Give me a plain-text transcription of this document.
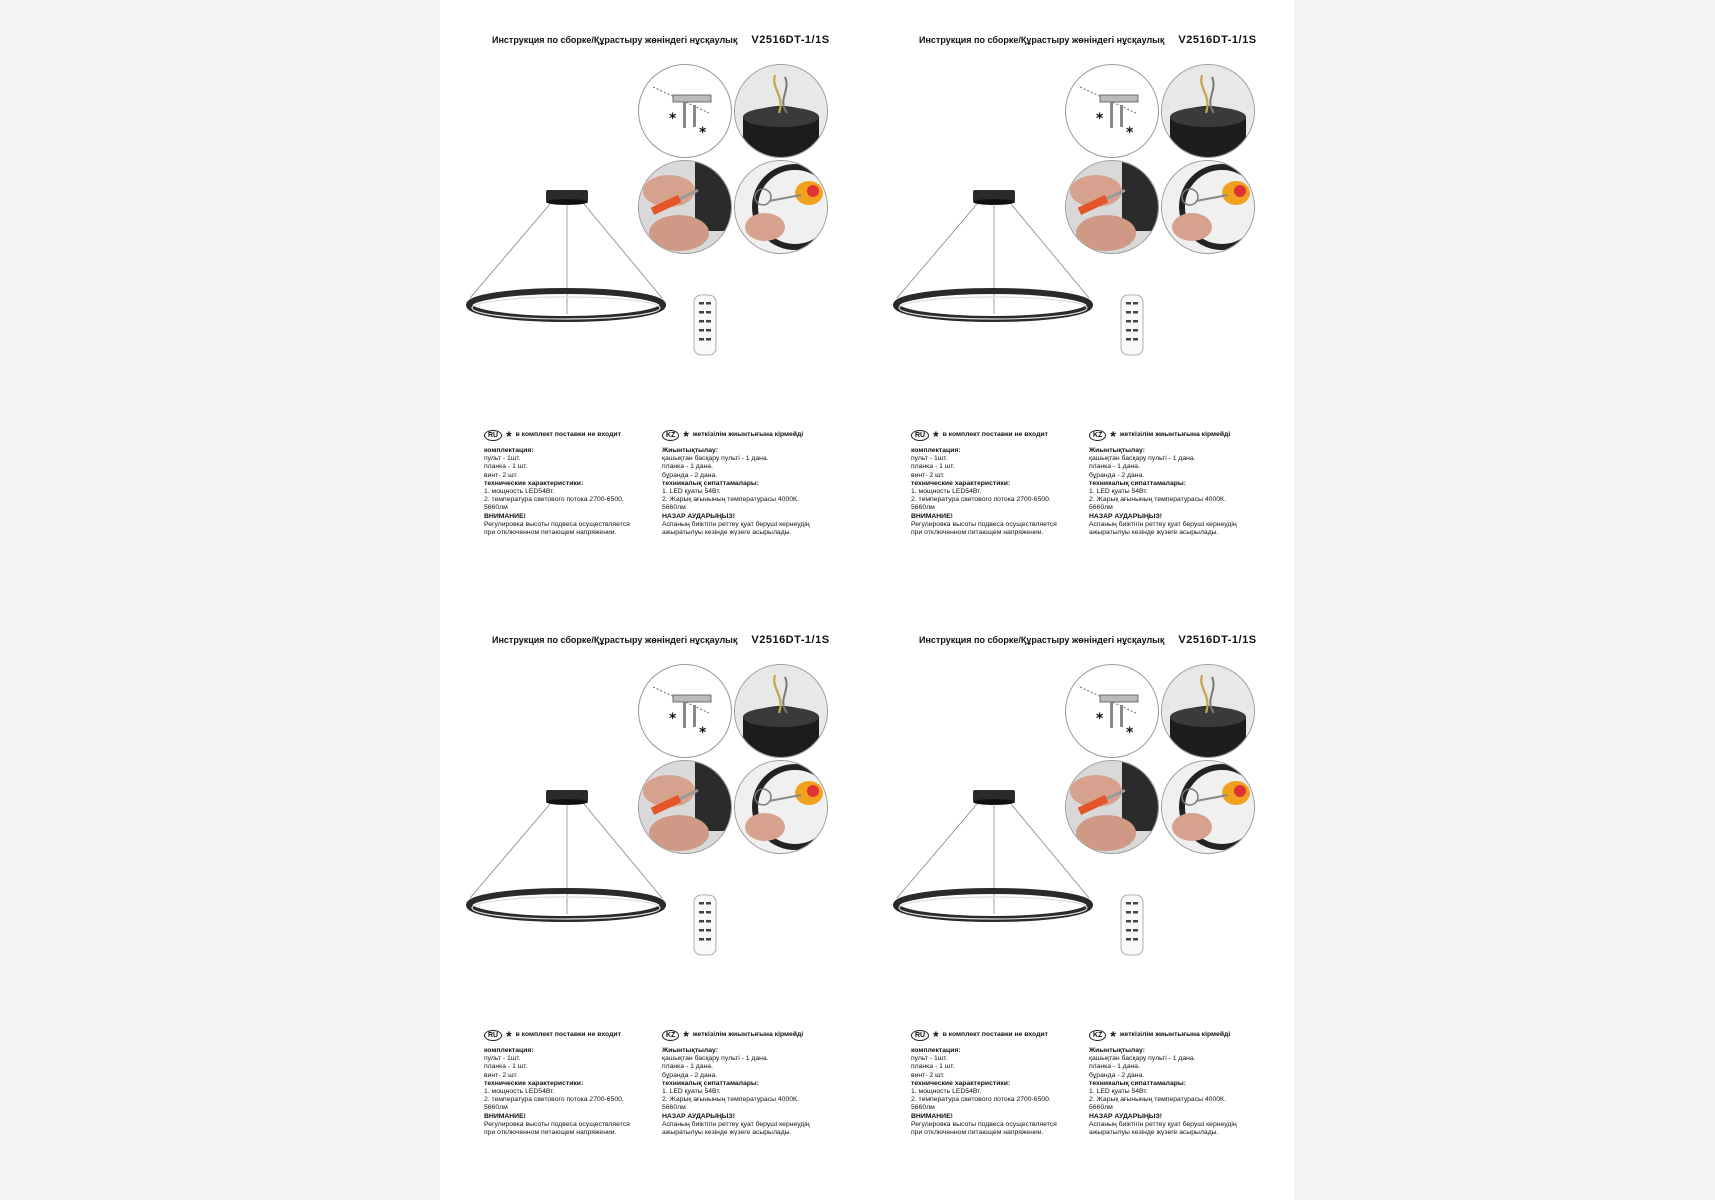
Инструкция по сборке/Құрастыру жөніндегі нұсқаулық V2516DT-1/1S
*
*
RU * в комплект поставки не входит
комплектация:
пульт - 1шт.
планка - 1 шт.
винт- 2 шт.
технические характеристики:
1. мощность LED54Вт.
2. температура светового потока 2700-6500.
5660лм
ВНИМАНИЕ!
Регулировка высоты подвеса осуществляется
при отключенном питающем напряжении.
KZ * жеткізілім жиынтығына кірмейді
Жиынтықтылау:
қашықтан басқару пульті - 1 дана.
планка - 1 дана.
бұранда - 2 дана.
техникалық сипаттамалары:
1. LED қуаты 54Вт.
2. Жарық ағынының температурасы 4000К.
5660лм
НАЗАР АУДАРЫҢЫЗ!
Аспаның биіктігін реттеу қуат беруші кернеудің
ажыратылуы кезінде жүзеге асырылады.
Инструкция по сборке/Құрастыру жөніндегі нұсқаулық V2516DT-1/1S
*
*
RU * в комплект поставки не входит
комплектация:
пульт - 1шт.
планка - 1 шт.
винт- 2 шт.
технические характеристики:
1. мощность LED54Вт.
2. температура светового потока 2700-6500.
5660лм
ВНИМАНИЕ!
Регулировка высоты подвеса осуществляется
при отключенном питающем напряжении.
KZ * жеткізілім жиынтығына кірмейді
Жиынтықтылау:
қашықтан басқару пульті - 1 дана.
планка - 1 дана.
бұранда - 2 дана.
техникалық сипаттамалары:
1. LED қуаты 54Вт.
2. Жарық ағынының температурасы 4000К.
5660лм
НАЗАР АУДАРЫҢЫЗ!
Аспаның биіктігін реттеу қуат беруші кернеудің
ажыратылуы кезінде жүзеге асырылады.
Инструкция по сборке/Құрастыру жөніндегі нұсқаулық V2516DT-1/1S
*
*
RU * в комплект поставки не входит
комплектация:
пульт - 1шт.
планка - 1 шт.
винт- 2 шт.
технические характеристики:
1. мощность LED54Вт.
2. температура светового потока 2700-6500.
5660лм
ВНИМАНИЕ!
Регулировка высоты подвеса осуществляется
при отключенном питающем напряжении.
KZ * жеткізілім жиынтығына кірмейді
Жиынтықтылау:
қашықтан басқару пульті - 1 дана.
планка - 1 дана.
бұранда - 2 дана.
техникалық сипаттамалары:
1. LED қуаты 54Вт.
2. Жарық ағынының температурасы 4000К.
5660лм
НАЗАР АУДАРЫҢЫЗ!
Аспаның биіктігін реттеу қуат беруші кернеудің
ажыратылуы кезінде жүзеге асырылады.
Инструкция по сборке/Құрастыру жөніндегі нұсқаулық V2516DT-1/1S
*
*
RU * в комплект поставки не входит
комплектация:
пульт - 1шт.
планка - 1 шт.
винт- 2 шт.
технические характеристики:
1. мощность LED54Вт.
2. температура светового потока 2700-6500.
5660лм
ВНИМАНИЕ!
Регулировка высоты подвеса осуществляется
при отключенном питающем напряжении.
KZ * жеткізілім жиынтығына кірмейді
Жиынтықтылау:
қашықтан басқару пульті - 1 дана.
планка - 1 дана.
бұранда - 2 дана.
техникалық сипаттамалары:
1. LED қуаты 54Вт.
2. Жарық ағынының температурасы 4000К.
5660лм
НАЗАР АУДАРЫҢЫЗ!
Аспаның биіктігін реттеу қуат беруші кернеудің
ажыратылуы кезінде жүзеге асырылады.
